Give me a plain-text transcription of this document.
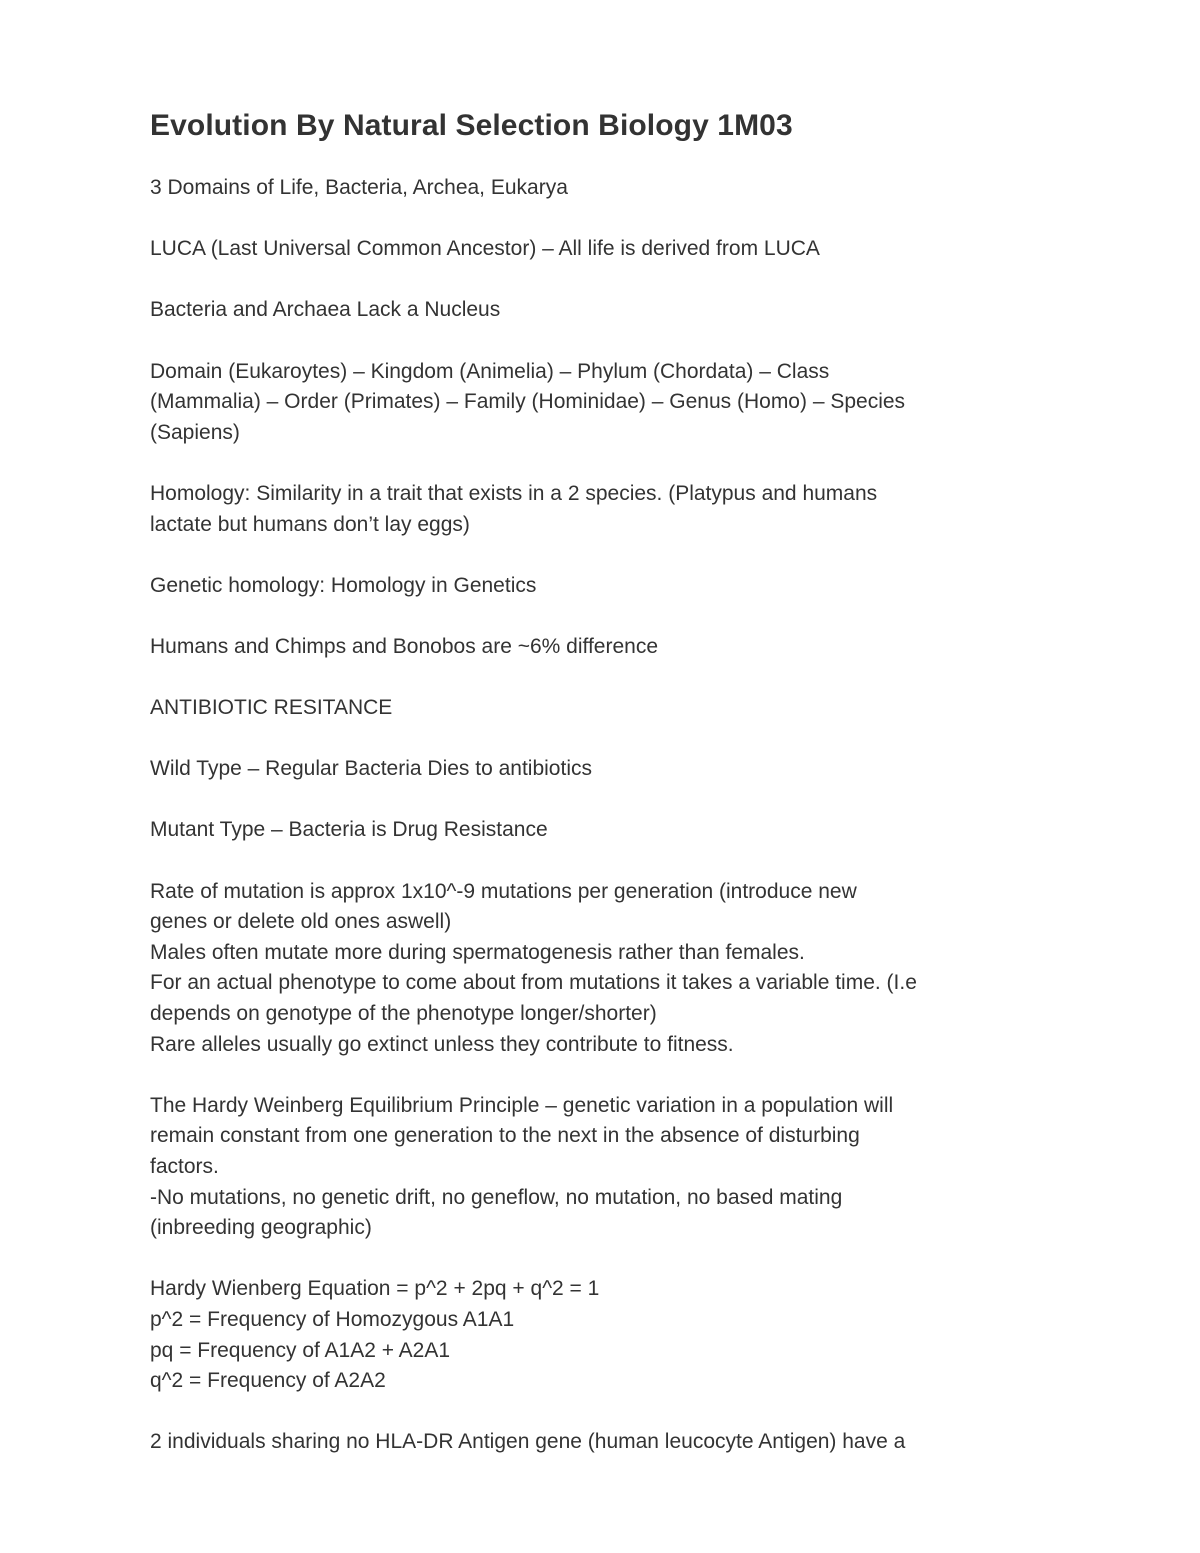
Evolution By Natural Selection Biology 1M03
3 Domains of Life, Bacteria, Archea, Eukarya
LUCA (Last Universal Common Ancestor) – All life is derived from LUCA
Bacteria and Archaea Lack a Nucleus
Domain (Eukaroytes) – Kingdom (Animelia) – Phylum (Chordata) – Class
(Mammalia) – Order (Primates) – Family (Hominidae) – Genus (Homo) – Species
(Sapiens)
Homology: Similarity in a trait that exists in a 2 species. (Platypus and humans
lactate but humans don’t lay eggs)
Genetic homology: Homology in Genetics
Humans and Chimps and Bonobos are ~6% difference
ANTIBIOTIC RESITANCE
Wild Type – Regular Bacteria Dies to antibiotics
Mutant Type – Bacteria is Drug Resistance
Rate of mutation is approx 1x10^-9 mutations per generation (introduce new
genes or delete old ones aswell)
Males often mutate more during spermatogenesis rather than females.
For an actual phenotype to come about from mutations it takes a variable time. (I.e
depends on genotype of the phenotype longer/shorter)
Rare alleles usually go extinct unless they contribute to fitness.
The Hardy Weinberg Equilibrium Principle – genetic variation in a population will
remain constant from one generation to the next in the absence of disturbing
factors.
-No mutations, no genetic drift, no geneflow, no mutation, no based mating
(inbreeding geographic)
Hardy Wienberg Equation = p^2 + 2pq + q^2 = 1
p^2 = Frequency of Homozygous A1A1
pq = Frequency of A1A2 + A2A1
q^2 = Frequency of A2A2
2 individuals sharing no HLA-DR Antigen gene (human leucocyte Antigen) have a
